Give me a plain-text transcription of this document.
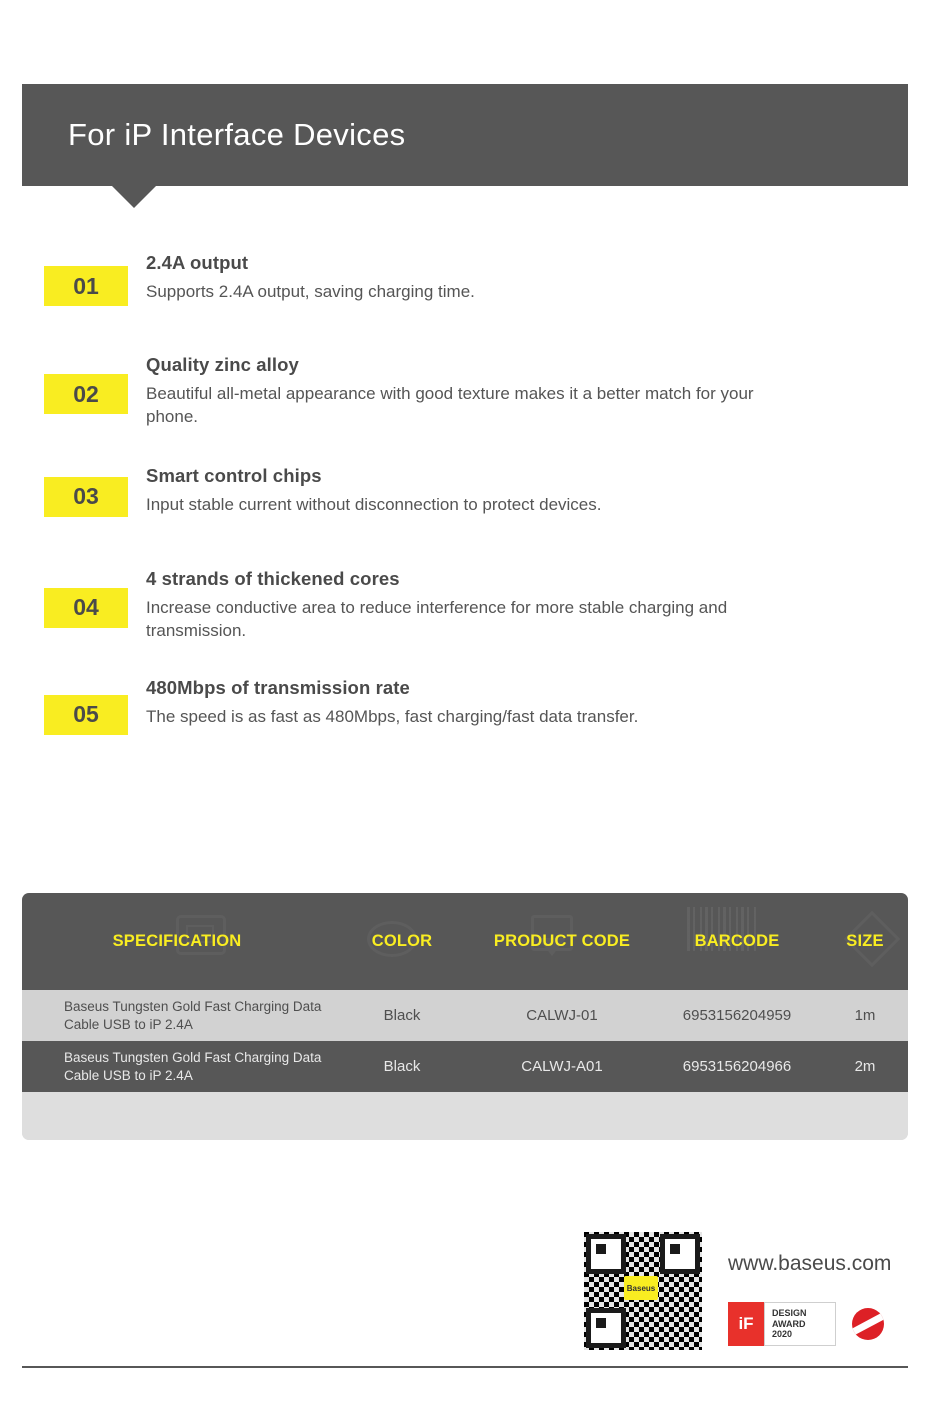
For iP Interface Devices
01

2.4A output

Supports 2.4A output, saving charging time.

02

Quality zinc alloy

Beautiful all-metal appearance with good texture makes it a better match for your phone.

03

Smart control chips

Input stable current without disconnection to protect devices.

04

4 strands of thickened cores

Increase conductive area to reduce interference for more stable charging and transmission.

05

480Mbps of transmission rate

The speed is as fast as 480Mbps, fast charging/fast data transfer.

SPECIFICATION	COLOR	PRODUCT CODE	BARCODE	SIZE
Baseus Tungsten Gold Fast Charging Data Cable USB to iP 2.4A	Black	CALWJ-01	6953156204959	1m
Baseus Tungsten Gold Fast Charging Data Cable USB to iP 2.4A	Black	CALWJ-A01	6953156204966	2m
Baseus
www.baseus.com
iF
DESIGN
AWARD
2020
